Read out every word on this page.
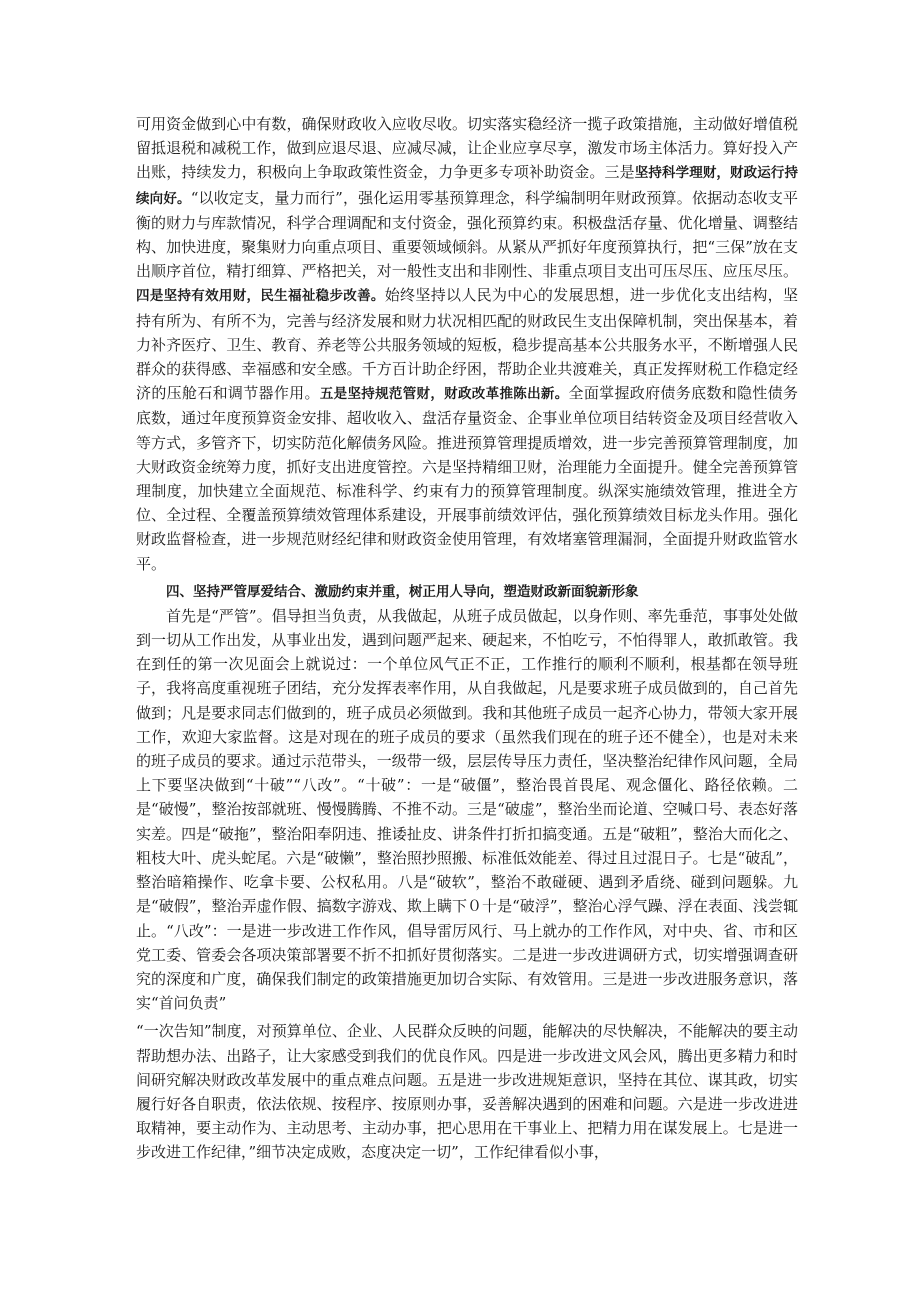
可用资金做到心中有数，确保财政收入应收尽收。切实落实稳经济一揽子政策措施，主动做好增值税留抵退税和减税工作，做到应退尽退、应减尽减，让企业应享尽享，激发市场主体活力。算好投入产出账，持续发力，积极向上争取政策性资金，力争更多专项补助资金。三是坚持科学理财，财政运行持续向好。“以收定支，量力而行”，强化运用零基预算理念，科学编制明年财政预算。依据动态收支平衡的财力与库款情况，科学合理调配和支付资金，强化预算约束。积极盘活存量、优化增量、调整结构、加快进度，聚集财力向重点项目、重要领域倾斜。从紧从严抓好年度预算执行，把“三保”放在支出顺序首位，精打细算、严格把关，对一般性支出和非刚性、非重点项目支出可压尽压、应压尽压。四是坚持有效用财，民生福祉稳步改善。始终坚持以人民为中心的发展思想，进一步优化支出结构，坚持有所为、有所不为，完善与经济发展和财力状况相匹配的财政民生支出保障机制，突出保基本，着力补齐医疗、卫生、教育、养老等公共服务领域的短板，稳步提高基本公共服务水平，不断增强人民群众的获得感、幸福感和安全感。千方百计助企纾困，帮助企业共渡难关，真正发挥财税工作稳定经济的压舱石和调节器作用。五是坚持规范管财，财政改革推陈出新。全面掌握政府债务底数和隐性债务底数，通过年度预算资金安排、超收收入、盘活存量资金、企事业单位项目结转资金及项目经营收入等方式，多管齐下，切实防范化解债务风险。推进预算管理提质增效，进一步完善预算管理制度，加大财政资金统筹力度，抓好支出进度管控。六是坚持精细卫财，治理能力全面提升。健全完善预算管理制度，加快建立全面规范、标准科学、约束有力的预算管理制度。纵深实施绩效管理，推进全方位、全过程、全覆盖预算绩效管理体系建设，开展事前绩效评估，强化预算绩效目标龙头作用。强化财政监督检查，进一步规范财经纪律和财政资金使用管理，有效堵塞管理漏洞，全面提升财政监管水平。

四、坚持严管厚爱结合、激励约束并重，树正用人导向，塑造财政新面貌新形象

首先是“严管”。倡导担当负责，从我做起，从班子成员做起，以身作则、率先垂范，事事处处做到一切从工作出发，从事业出发，遇到问题严起来、硬起来，不怕吃亏，不怕得罪人，敢抓敢管。我在到任的第一次见面会上就说过：一个单位风气正不正，工作推行的顺利不顺利，根基都在领导班子，我将高度重视班子团结，充分发挥表率作用，从自我做起，凡是要求班子成员做到的，自己首先做到；凡是要求同志们做到的，班子成员必须做到。我和其他班子成员一起齐心协力，带领大家开展工作，欢迎大家监督。这是对现在的班子成员的要求（虽然我们现在的班子还不健全），也是对未来的班子成员的要求。通过示范带头，一级带一级，层层传导压力责任，坚决整治纪律作风问题，全局上下要坚决做到“十破”“八改”。“十破”：一是“破僵”，整治畏首畏尾、观念僵化、路径依赖。二是“破慢”，整治按部就班、慢慢腾腾、不推不动。三是“破虚”，整治坐而论道、空喊口号、表态好落实差。四是“破拖”，整治阳奉阴违、推诿扯皮、讲条件打折扣搞变通。五是“破粗”，整治大而化之、粗枝大叶、虎头蛇尾。六是“破懒”，整治照抄照搬、标准低效能差、得过且过混日子。七是“破乱”，整治暗箱操作、吃拿卡要、公权私用。八是“破软”，整治不敢碰硬、遇到矛盾绕、碰到问题躲。九是“破假”，整治弄虚作假、搞数字游戏、欺上瞒下０十是“破浮”，整治心浮气躁、浮在表面、浅尝辄止。“八改”：一是进一步改进工作作风，倡导雷厉风行、马上就办的工作作风，对中央、省、市和区党工委、管委会各项决策部署要不折不扣抓好贯彻落实。二是进一步改进调研方式，切实增强调查研究的深度和广度，确保我们制定的政策措施更加切合实际、有效管用。三是进一步改进服务意识，落实“首问负责”

“一次告知”制度，对预算单位、企业、人民群众反映的问题，能解决的尽快解决，不能解决的要主动帮助想办法、出路子，让大家感受到我们的优良作风。四是进一步改进文风会风，腾出更多精力和时间研究解决财政改革发展中的重点难点问题。五是进一步改进规矩意识，坚持在其位、谋其政，切实履行好各自职责，依法依规、按程序、按原则办事，妥善解决遇到的困难和问题。六是进一步改进进取精神，要主动作为、主动思考、主动办事，把心思用在干事业上、把精力用在谋发展上。七是进一步改进工作纪律，”细节决定成败，态度决定一切”，工作纪律看似小事，
